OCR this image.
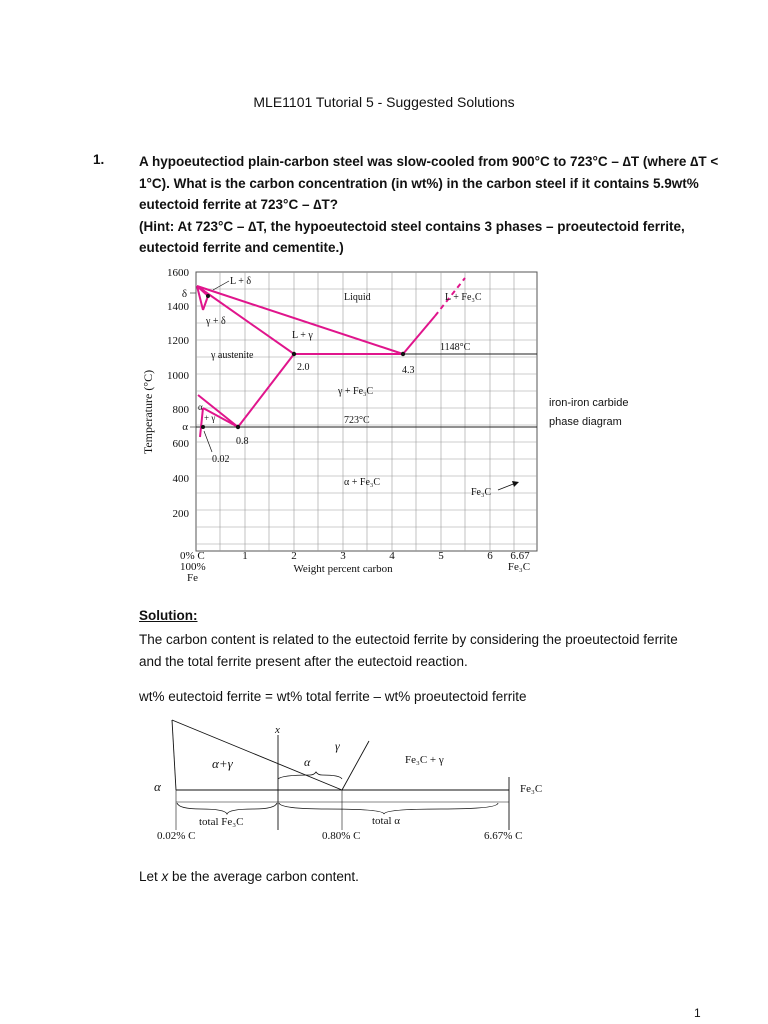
MLE1101 Tutorial 5 - Suggested Solutions
1.	A hypoeutectiod plain-carbon steel was slow-cooled from 900°C to 723°C – ∆T (where ∆T <
1°C). What is the carbon concentration (in wt%) in the carbon steel if it contains 5.9wt%
eutectoid ferrite at 723°C – ∆T?
(Hint: At 723°C – ∆T, the hypoeutectoid steel contains 3 phases – proeutectoid ferrite,
eutectoid ferrite and cementite.)
1600
1400
1200
1000
800
600
400
200
δ
α
Temperature (°C)
1	2	3	4	5	6 6.67
Fe₃C
Weight percent carbon
0% C
100%
Fe
L + δ
Liquid
γ + δ
L + γ
L + Fe₃C
γ austenite
1148°C
2.0	4.3
γ + Fe₃C
723°C
α
+ γ
0.8
0.02
α + Fe₃C
Fe₃C
iron-iron carbide
phase diagram
Solution:
The carbon content is related to the eutectoid ferrite by considering the proeutectoid ferrite
and the total ferrite present after the eutectoid reaction.
wt% eutectoid ferrite = wt% total ferrite – wt% proeutectoid ferrite
x
γ
α+γ	α	Fe₃C + γ
α	Fe₃C
total Fe₃C	total α
0.02% C	0.80% C	6.67% C
Let x be the average carbon content.
1
